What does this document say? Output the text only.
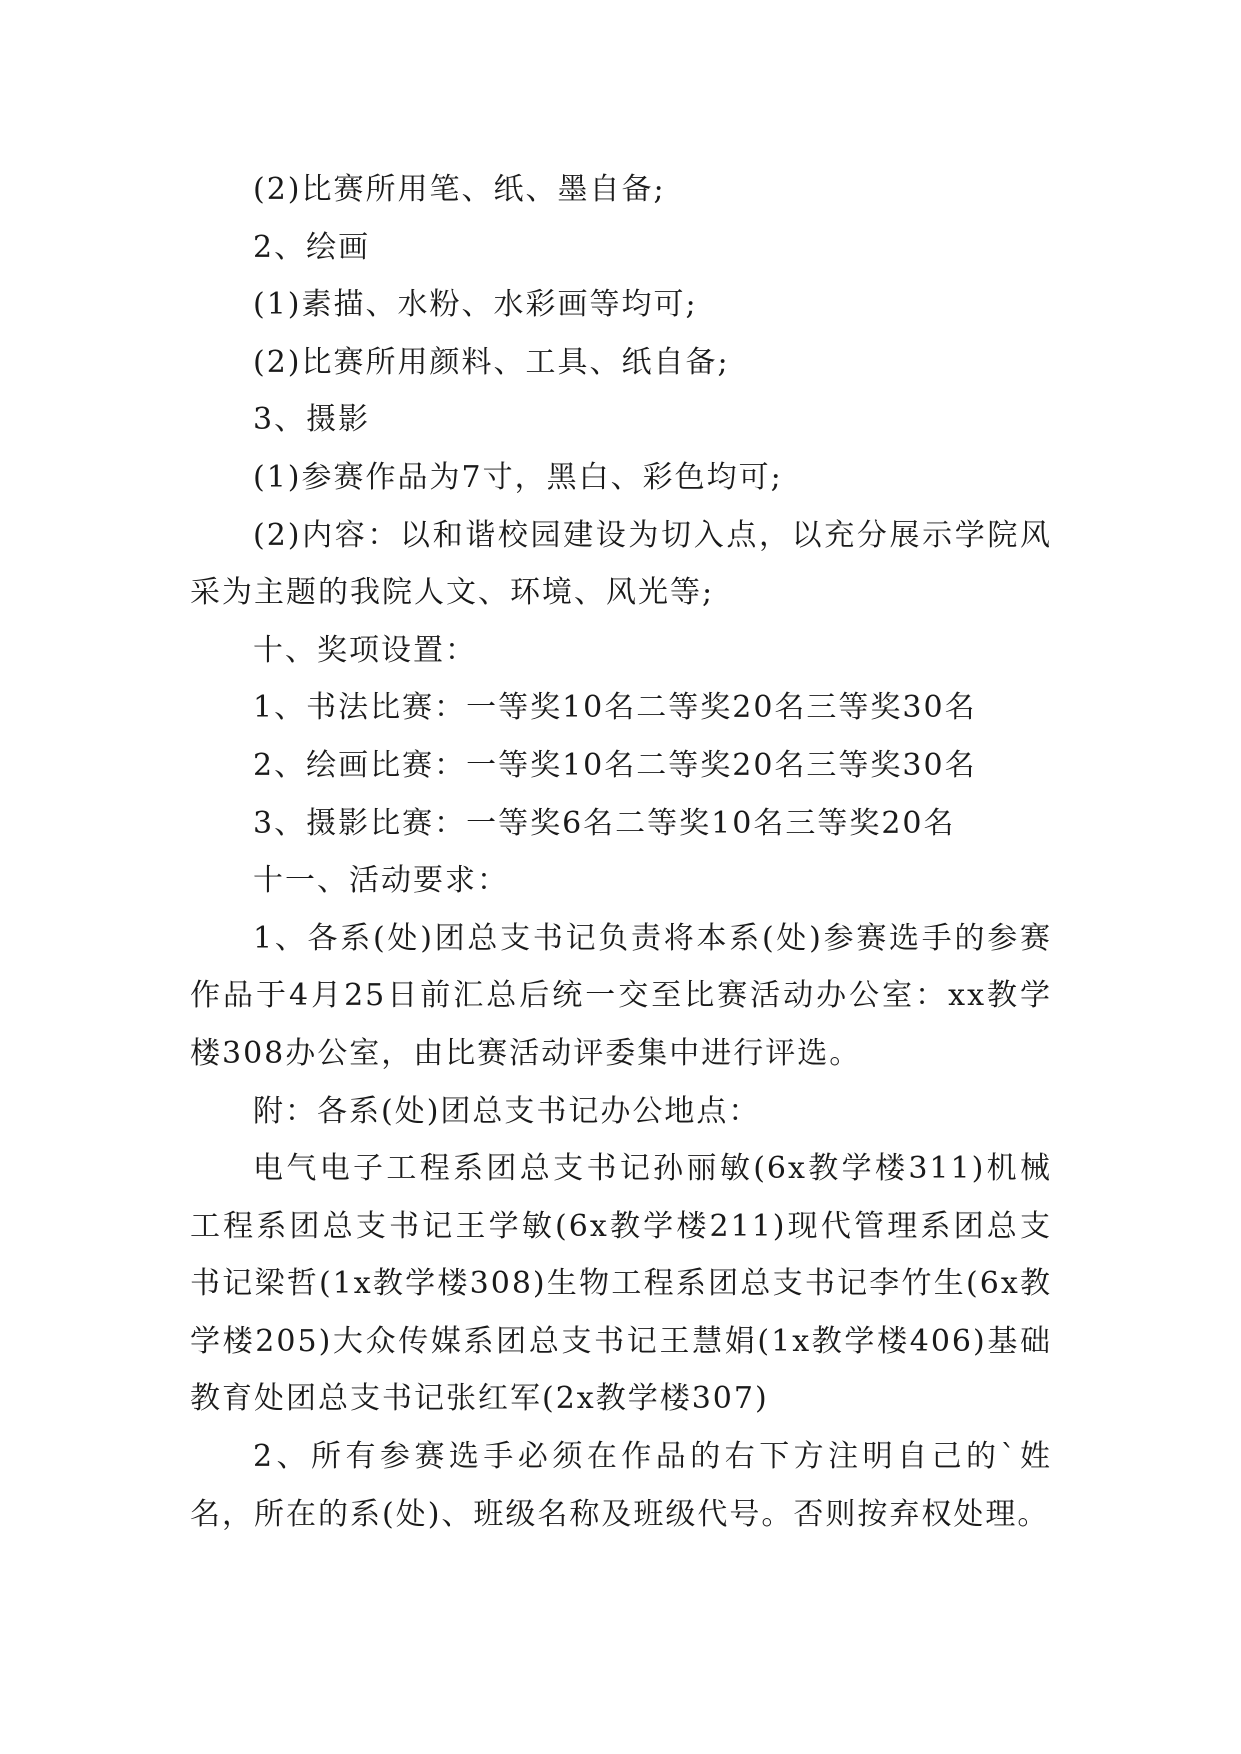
(2)比赛所用笔、纸、墨自备;

2、绘画

(1)素描、水粉、水彩画等均可;

(2)比赛所用颜料、工具、纸自备;

3、摄影

(1)参赛作品为7寸，黑白、彩色均可;

(2)内容：以和谐校园建设为切入点，以充分展示学院风采为主题的我院人文、环境、风光等;

十、奖项设置：

1、书法比赛：一等奖10名二等奖20名三等奖30名

2、绘画比赛：一等奖10名二等奖20名三等奖30名

3、摄影比赛：一等奖6名二等奖10名三等奖20名

十一、活动要求：

1、各系(处)团总支书记负责将本系(处)参赛选手的参赛作品于4月25日前汇总后统一交至比赛活动办公室：xx教学楼308办公室，由比赛活动评委集中进行评选。

附：各系(处)团总支书记办公地点：

电气电子工程系团总支书记孙丽敏(6x教学楼311)机械工程系团总支书记王学敏(6x教学楼211)现代管理系团总支书记梁哲(1x教学楼308)生物工程系团总支书记李竹生(6x教学楼205)大众传媒系团总支书记王慧娟(1x教学楼406)基础教育处团总支书记张红军(2x教学楼307)

2、所有参赛选手必须在作品的右下方注明自己的`姓名，所在的系(处)、班级名称及班级代号。否则按弃权处理。
